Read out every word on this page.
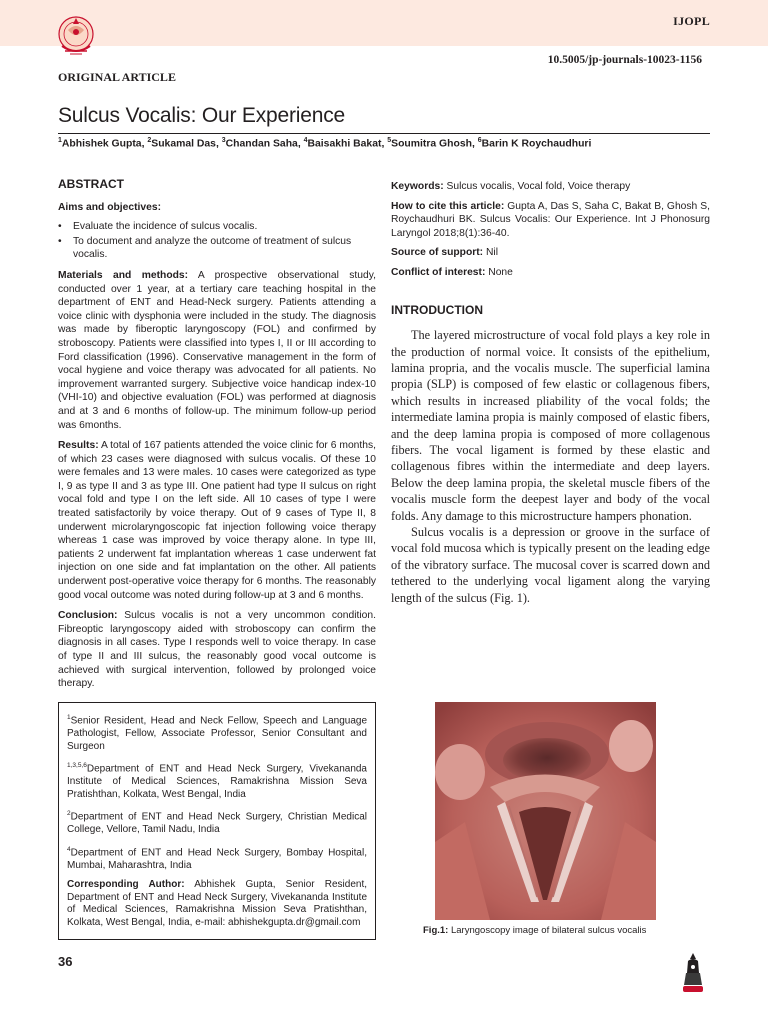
IJOPL
10.5005/jp-journals-10023-1156
ORIGINAL ARTICLE
Sulcus Vocalis: Our Experience
$^1$Abhishek Gupta, $^2$Sukamal Das, $^3$Chandan Saha, $^4$Baisakhi Bakat, $^5$Soumitra Ghosh, $^6$Barin K Roychaudhuri
ABSTRACT
Aims and objectives:
• Evaluate the incidence of sulcus vocalis.
• To document and analyze the outcome of treatment of sulcus vocalis.

Materials and methods: A prospective observational study, conducted over 1 year, at a tertiary care teaching hospital in the department of ENT and Head-Neck surgery. Patients attending a voice clinic with dysphonia were included in the study. The diagnosis was made by fiberoptic laryngoscopy (FOL) and confirmed by stroboscopy. Patients were classified into types I, II or III according to Ford classification (1996). Conservative management in the form of vocal hygiene and voice therapy was advocated for all patients. No improvement warranted surgery. Subjective voice handicap index-10 (VHI-10) and objective evaluation (FOL) was performed at diagnosis and at 3 and 6 months of follow-up. The minimum follow-up period was 6months.

Results: A total of 167 patients attended the voice clinic for 6 months, of which 23 cases were diagnosed with sulcus vocalis. Of these 10 were females and 13 were males. 10 cases were categorized as type I, 9 as type II and 3 as type III. One patient had type II sulcus on right vocal fold and type I on the left side. All 10 cases of type I were treated satisfactorily by voice therapy. Out of 9 cases of Type II, 8 underwent microlaryngoscopic fat injection following voice therapy whereas 1 case was improved by voice therapy alone. In type III, patients 2 underwent fat implantation whereas 1 case underwent fat injection on one side and fat implantation on the other. All patients underwent post-operative voice therapy for 6 months. The reasonably good vocal outcome was noted during follow-up at 3 and 6 months.

Conclusion: Sulcus vocalis is not a very uncommon condition. Fibreoptic laryngoscopy aided with stroboscopy can confirm the diagnosis in all cases. Type I responds well to voice therapy. In case of type II and III sulcus, the reasonably good vocal outcome is achieved with surgical intervention, followed by prolonged voice therapy.

Keywords: Sulcus vocalis, Vocal fold, Voice therapy

How to cite this article: Gupta A, Das S, Saha C, Bakat B, Ghosh S, Roychaudhuri BK. Sulcus Vocalis: Our Experience. Int J Phonosurg Laryngol 2018;8(1):36-40.

Source of support: Nil

Conflict of interest: None

INTRODUCTION

The layered microstructure of vocal fold plays a key role in the production of normal voice. It consists of the epithelium, lamina propria, and the vocalis muscle. The superficial lamina propia (SLP) is composed of few elastic or collagenous fibers, which results in increased pliability of the vocal folds; the intermediate lamina propia is mainly composed of elastic fibers, and the deep lamina propia is composed of more collagenous fibers. The vocal ligament is formed by these elastic and collagenous fibres within the intermediate and deep layers. Below the deep lamina propia, the skeletal muscle fibers of the vocalis muscle form the deepest layer and body of the vocal folds. Any damage to this microstructure hampers phonation.

Sulcus vocalis is a depression or groove in the surface of vocal fold mucosa which is typically present on the leading edge of the vibratory surface. The mucosal cover is scarred down and tethered to the underlying vocal ligament along the varying length of the sulcus (Fig. 1).

$^1$Senior Resident, Head and Neck Fellow, Speech and Language Pathologist, Fellow, Associate Professor, Senior Consultant and Surgeon

$^{1,3,5,6}$Department of ENT and Head Neck Surgery, Vivekananda Institute of Medical Sciences, Ramakrishna Mission Seva Pratishthan, Kolkata, West Bengal, India

$^2$Department of ENT and Head Neck Surgery, Christian Medical College, Vellore, Tamil Nadu, India

$^4$Department of ENT and Head Neck Surgery, Bombay Hospital, Mumbai, Maharashtra, India

Corresponding Author: Abhishek Gupta, Senior Resident, Department of ENT and Head Neck Surgery, Vivekananda Institute of Medical Sciences, Ramakrishna Mission Seva Pratishthan, Kolkata, West Bengal, India, e-mail: abhishekgupta.dr@gmail.com

Fig.1: Laryngoscopy image of bilateral sulcus vocalis
36
